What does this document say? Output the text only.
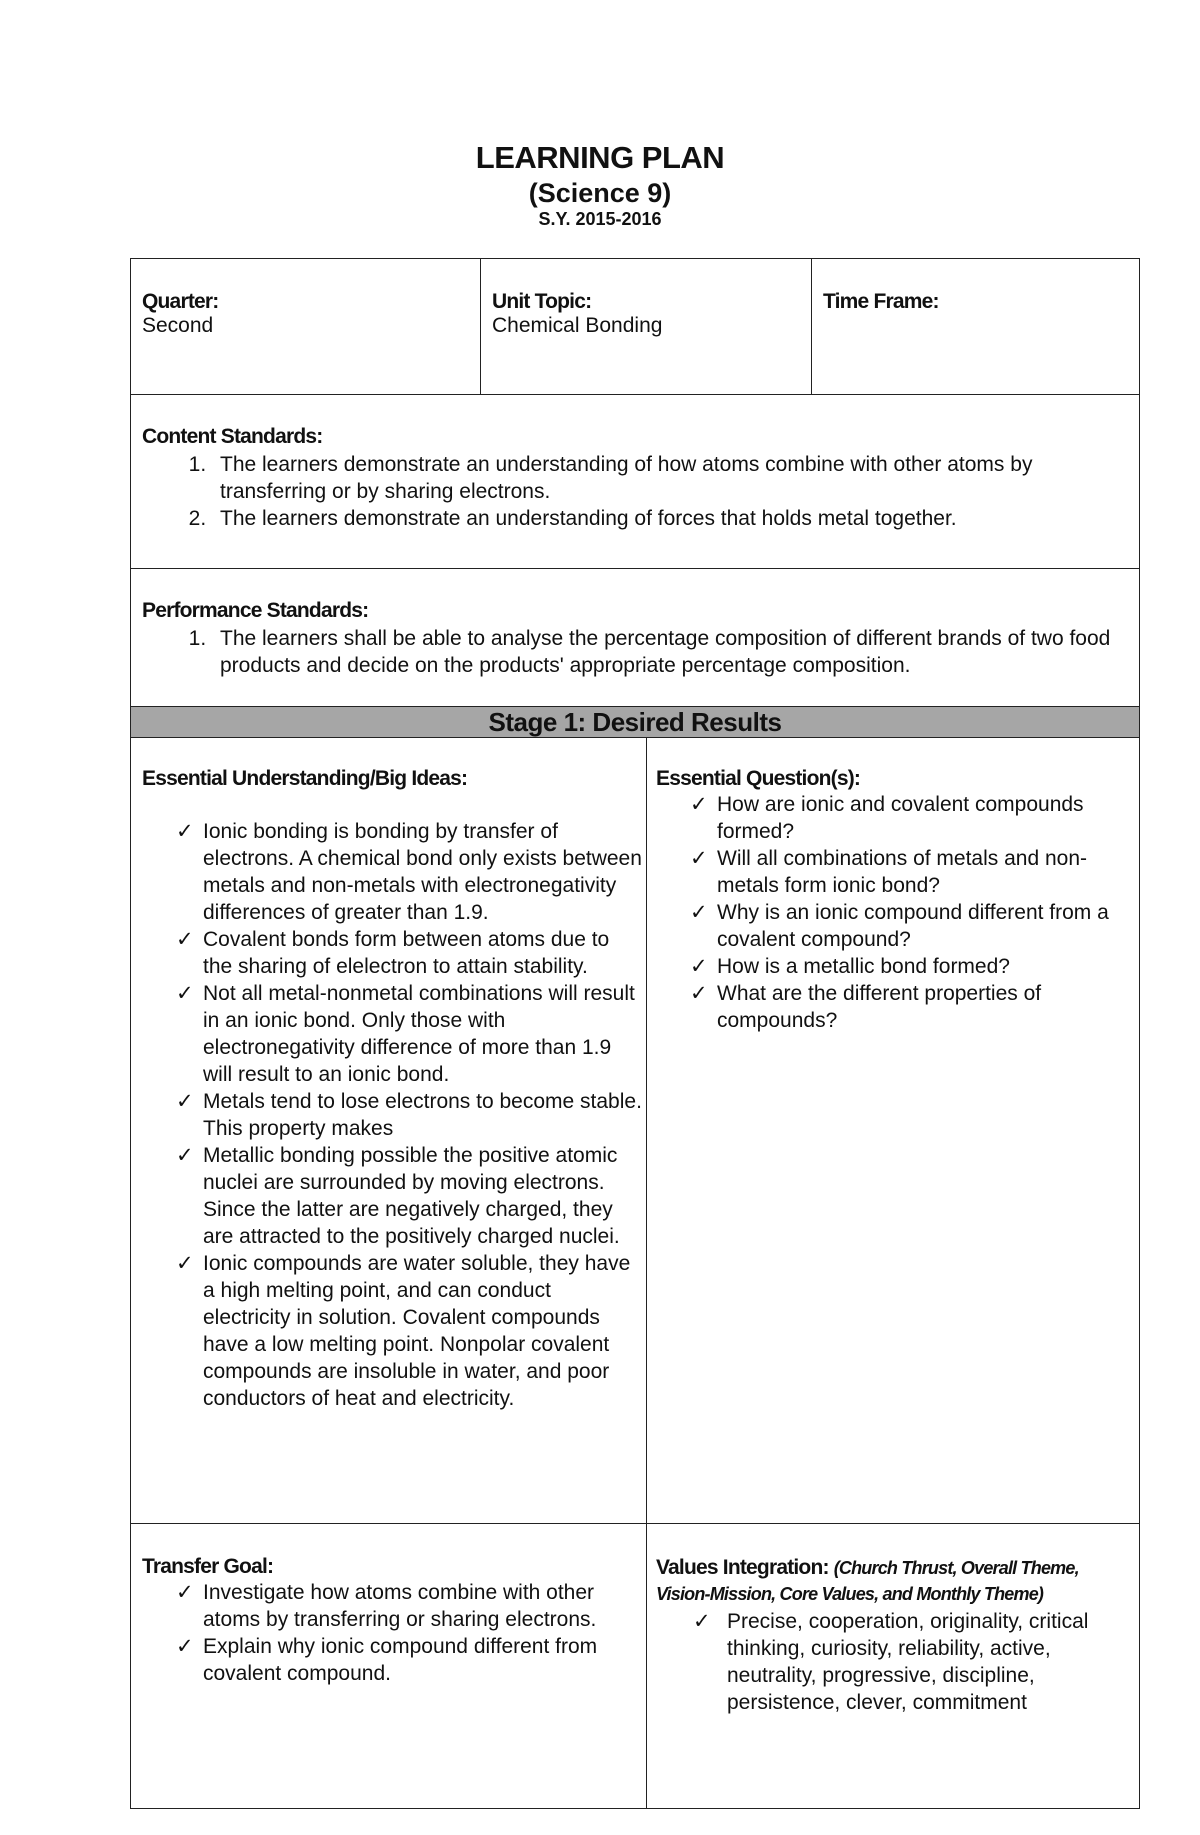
LEARNING PLAN
(Science 9)
S.Y. 2015-2016
Quarter:
Second
Unit Topic:
Chemical Bonding
Time Frame:
Content Standards:
1. The learners demonstrate an understanding of how atoms combine with other atoms by transferring or by sharing electrons.
2. The learners demonstrate an understanding of forces that holds metal together.
Performance Standards:
1. The learners shall be able to analyse the percentage composition of different brands of two food products and decide on the products' appropriate percentage composition.
Stage 1: Desired Results
Essential Understanding/Big Ideas:
✓ Ionic bonding is bonding by transfer of electrons. A chemical bond only exists between metals and non-metals with electronegativity differences of greater than 1.9.
✓ Covalent bonds form between atoms due to the sharing of elelectron to attain stability.
✓ Not all metal-nonmetal combinations will result in an ionic bond. Only those with electronegativity difference of more than 1.9 will result to an ionic bond.
✓ Metals tend to lose electrons to become stable. This property makes
✓ Metallic bonding possible the positive atomic nuclei are surrounded by moving electrons. Since the latter are negatively charged, they are attracted to the positively charged nuclei.
✓ Ionic compounds are water soluble, they have a high melting point, and can conduct electricity in solution. Covalent compounds have a low melting point. Nonpolar covalent compounds are insoluble in water, and poor conductors of heat and electricity.
Essential Question(s):
✓ How are ionic and covalent compounds formed?
✓ Will all combinations of metals and non-metals form ionic bond?
✓ Why is an ionic compound different from a covalent compound?
✓ How is a metallic bond formed?
✓ What are the different properties of compounds?
Transfer Goal:
✓ Investigate how atoms combine with other atoms by transferring or sharing electrons.
✓ Explain why ionic compound different from covalent compound.
Values Integration: (Church Thrust, Overall Theme, Vision-Mission, Core Values, and Monthly Theme)
✓ Precise, cooperation, originality, critical thinking, curiosity, reliability, active, neutrality, progressive, discipline, persistence, clever, commitment
